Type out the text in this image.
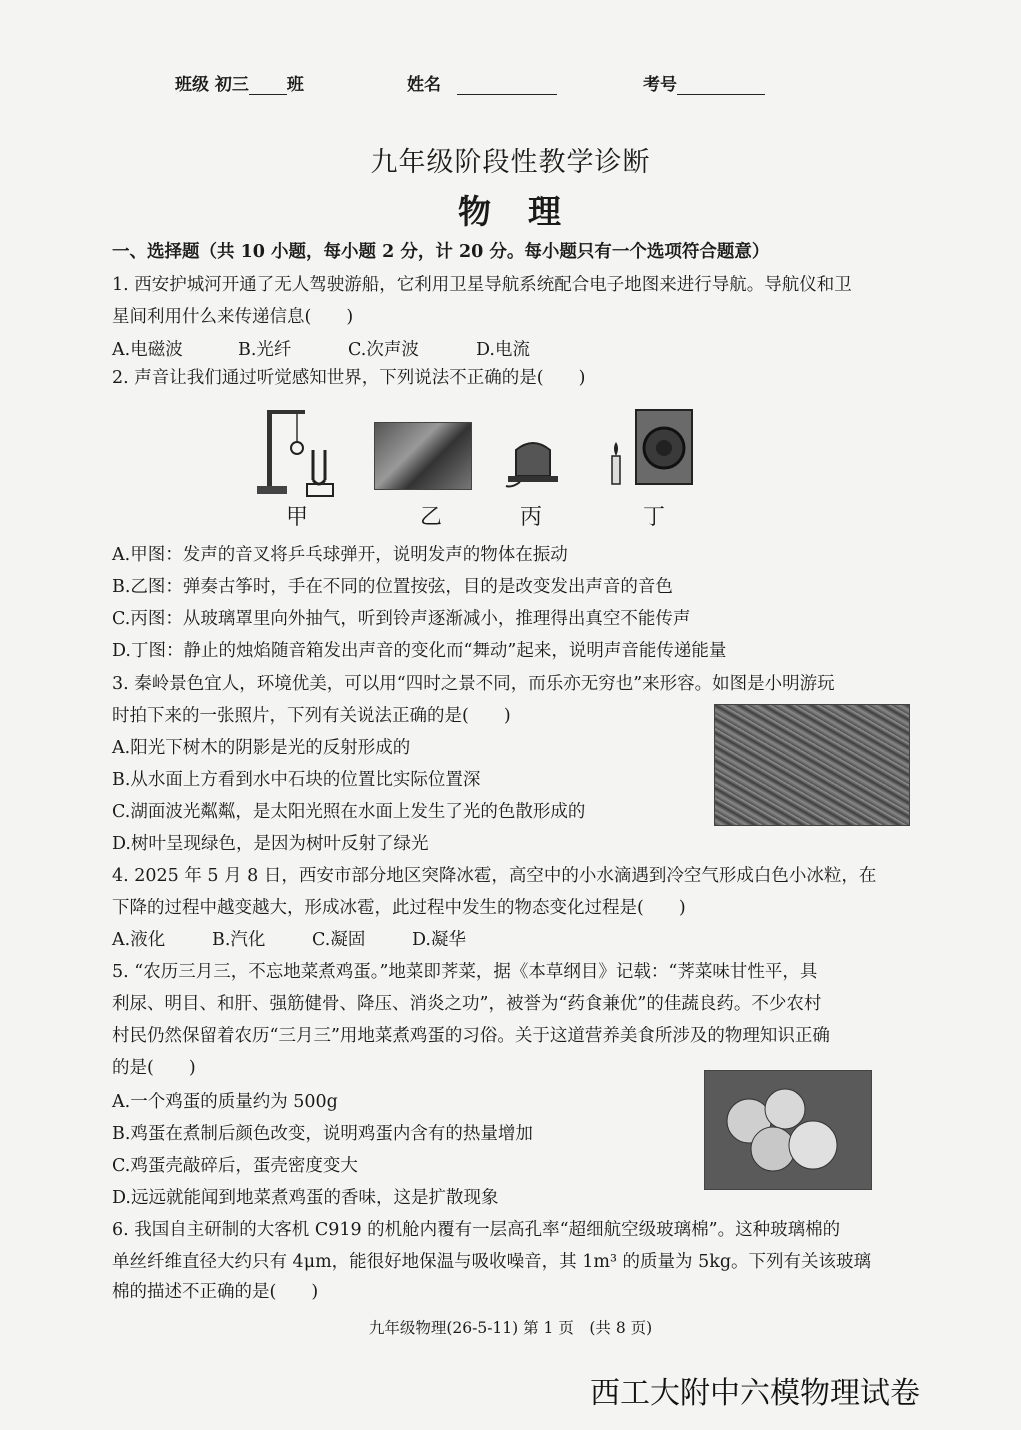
班级 初三 班	姓名	考号
九年级阶段性教学诊断
物　理
一、选择题（共 10 小题，每小题 2 分，计 20 分。每小题只有一个选项符合题意）
1. 西安护城河开通了无人驾驶游船，它利用卫星导航系统配合电子地图来进行导航。导航仪和卫
星间利用什么来传递信息(　　)
A.电磁波	B.光纤	C.次声波	D.电流
2. 声音让我们通过听觉感知世界，下列说法不正确的是(　　)
甲	乙	丙	丁
A.甲图：发声的音叉将乒乓球弹开，说明发声的物体在振动
B.乙图：弹奏古筝时，手在不同的位置按弦，目的是改变发出声音的音色
C.丙图：从玻璃罩里向外抽气，听到铃声逐渐减小，推理得出真空不能传声
D.丁图：静止的烛焰随音箱发出声音的变化而“舞动”起来，说明声音能传递能量
3. 秦岭景色宜人，环境优美，可以用“四时之景不同，而乐亦无穷也”来形容。如图是小明游玩
时拍下来的一张照片，下列有关说法正确的是(　　)
A.阳光下树木的阴影是光的反射形成的
B.从水面上方看到水中石块的位置比实际位置深
C.湖面波光粼粼，是太阳光照在水面上发生了光的色散形成的
D.树叶呈现绿色，是因为树叶反射了绿光
4. 2025 年 5 月 8 日，西安市部分地区突降冰雹，高空中的小水滴遇到冷空气形成白色小冰粒，在
下降的过程中越变越大，形成冰雹，此过程中发生的物态变化过程是(　　)
A.液化	B.汽化	C.凝固	D.凝华
5. “农历三月三，不忘地菜煮鸡蛋。”地菜即荠菜，据《本草纲目》记载：“荠菜味甘性平，具
利尿、明目、和肝、强筋健骨、降压、消炎之功”，被誉为“药食兼优”的佳蔬良药。不少农村
村民仍然保留着农历“三月三”用地菜煮鸡蛋的习俗。关于这道营养美食所涉及的物理知识正确
的是(　　)
A.一个鸡蛋的质量约为 500g
B.鸡蛋在煮制后颜色改变，说明鸡蛋内含有的热量增加
C.鸡蛋壳敲碎后，蛋壳密度变大
D.远远就能闻到地菜煮鸡蛋的香味，这是扩散现象
6. 我国自主研制的大客机 C919 的机舱内覆有一层高孔率“超细航空级玻璃棉”。这种玻璃棉的
单丝纤维直径大约只有 4μm，能很好地保温与吸收噪音，其 1m³ 的质量为 5kg。下列有关该玻璃
棉的描述不正确的是(　　)
九年级物理(26-5-11) 第 1 页　(共 8 页)
西工大附中六模物理试卷
